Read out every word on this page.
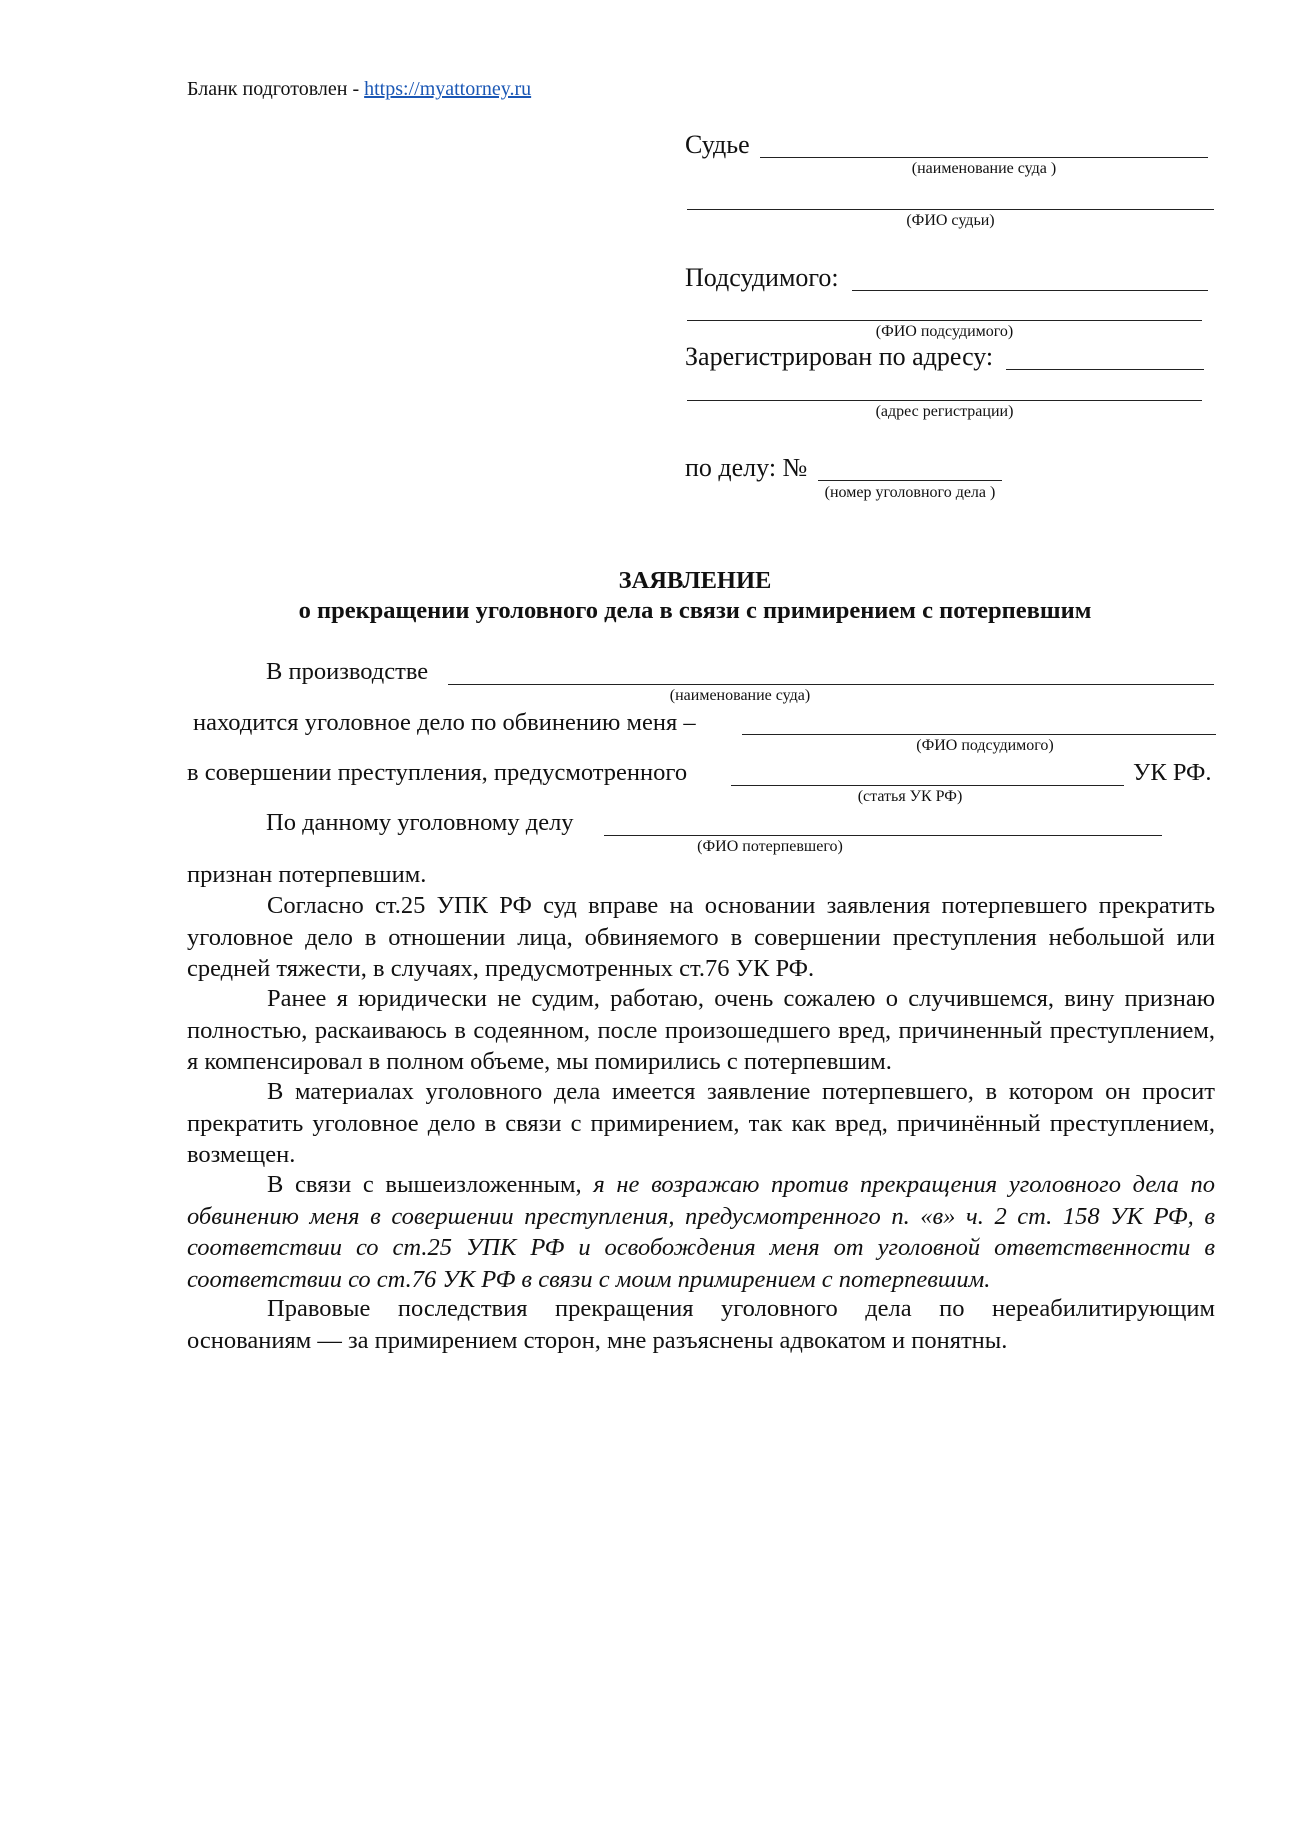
Бланк подготовлен - https://myattorney.ru
Судье
(наименование суда )
(ФИО судьи)
Подсудимого:
(ФИО подсудимого)
Зарегистрирован по адресу:
(адрес регистрации)
по делу: №
(номер уголовного дела )
ЗАЯВЛЕНИЕ
о прекращении уголовного дела в связи с примирением с потерпевшим
В производстве
(наименование суда)
находится уголовное дело по обвинению меня –
(ФИО подсудимого)
в совершении преступления, предусмотренного	УК РФ.
(статья УК РФ)
По данному уголовному делу
(ФИО потерпевшего)
признан потерпевшим.
Согласно ст.25 УПК РФ суд вправе на основании заявления потерпевшего прекратить уголовное дело в отношении лица, обвиняемого в совершении преступления небольшой или средней тяжести, в случаях, предусмотренных ст.76 УК РФ.
Ранее я юридически не судим, работаю, очень сожалею о случившемся, вину признаю полностью, раскаиваюсь в содеянном, после произошедшего вред, причиненный преступлением, я компенсировал в полном объеме, мы помирились с потерпевшим.
В материалах уголовного дела имеется заявление потерпевшего, в котором он просит прекратить уголовное дело в связи с примирением, так как вред, причинённый преступлением, возмещен.
В связи с вышеизложенным, я не возражаю против прекращения уголовного дела по обвинению меня в совершении преступления, предусмотренного п. «в» ч. 2 ст. 158 УК РФ, в соответствии со ст.25 УПК РФ и освобождения меня от уголовной ответственности в соответствии со ст.76 УК РФ в связи с моим примирением с потерпевшим.
Правовые последствия прекращения уголовного дела по нереабилитирующим основаниям — за примирением сторон, мне разъяснены адвокатом и понятны.
